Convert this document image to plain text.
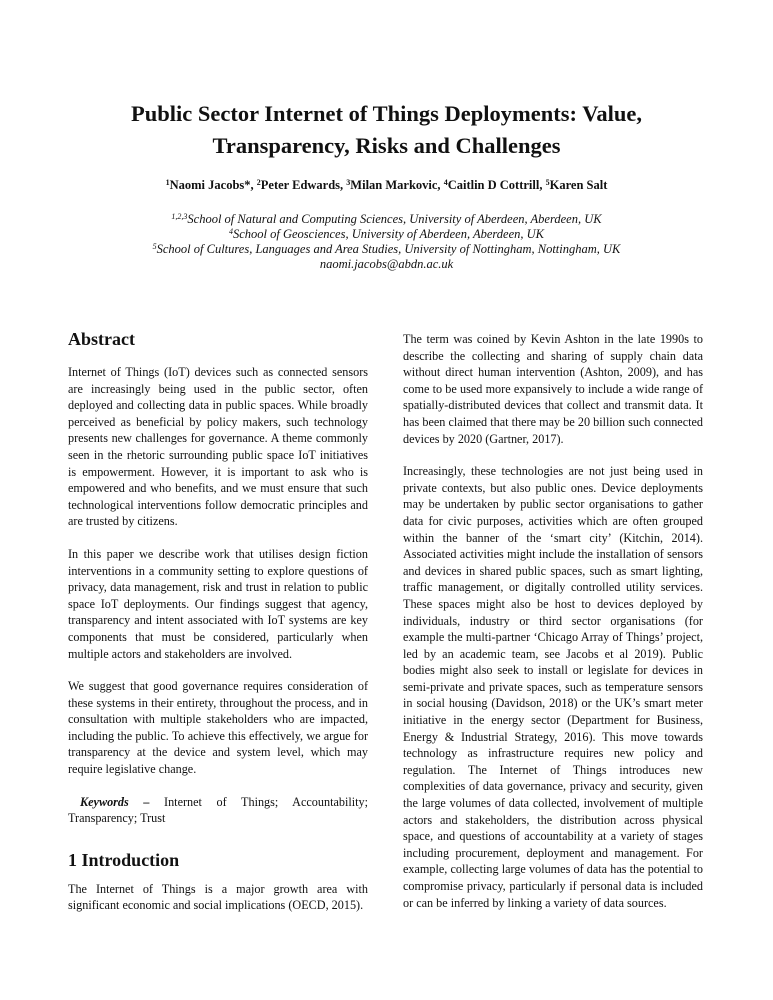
Public Sector Internet of Things Deployments: Value,
Transparency, Risks and Challenges
$^1$Naomi Jacobs*, $^2$Peter Edwards, $^3$Milan Markovic, $^4$Caitlin D Cottrill, $^5$Karen Salt
$^{1,2,3}$School of Natural and Computing Sciences, University of Aberdeen, Aberdeen, UK
$^4$School of Geosciences, University of Aberdeen, Aberdeen, UK
$^5$School of Cultures, Languages and Area Studies, University of Nottingham, Nottingham, UK
naomi.jacobs@abdn.ac.uk
Abstract

Internet of Things (IoT) devices such as connected sensors are increasingly being used in the public sector, often deployed and collecting data in public spaces. While broadly perceived as beneficial by policy makers, such technology presents new challenges for governance. A theme commonly seen in the rhetoric surrounding public space IoT initiatives is empowerment. However, it is important to ask who is empowered and who benefits, and we must ensure that such technological interventions follow democratic principles and are trusted by citizens.

In this paper we describe work that utilises design fiction interventions in a community setting to explore questions of privacy, data management, risk and trust in relation to public space IoT deployments. Our findings suggest that agency, transparency and intent associated with IoT systems are key components that must be considered, particularly when multiple actors and stakeholders are involved.

We suggest that good governance requires consideration of these systems in their entirety, throughout the process, and in consultation with multiple stakeholders who are impacted, including the public. To achieve this effectively, we argue for transparency at the device and system level, which may require legislative change.

Keywords – Internet of Things; Accountability; Transparency; Trust

1 Introduction

The Internet of Things is a major growth area with significant economic and social implications (OECD, 2015).

The term was coined by Kevin Ashton in the late 1990s to describe the collecting and sharing of supply chain data without direct human intervention (Ashton, 2009), and has come to be used more expansively to include a wide range of spatially-distributed devices that collect and transmit data. It has been claimed that there may be 20 billion such connected devices by 2020 (Gartner, 2017).

Increasingly, these technologies are not just being used in private contexts, but also public ones. Device deployments may be undertaken by public sector organisations to gather data for civic purposes, activities which are often grouped within the banner of the ‘smart city’ (Kitchin, 2014). Associated activities might include the installation of sensors and devices in shared public spaces, such as smart lighting, traffic management, or digitally controlled utility services. These spaces might also be host to devices deployed by individuals, industry or third sector organisations (for example the multi-partner ‘Chicago Array of Things’ project, led by an academic team, see Jacobs et al 2019). Public bodies might also seek to install or legislate for devices in semi-private and private spaces, such as temperature sensors in social housing (Davidson, 2018) or the UK’s smart meter initiative in the energy sector (Department for Business, Energy & Industrial Strategy, 2016). This move towards technology as infrastructure requires new policy and regulation. The Internet of Things introduces new complexities of data governance, privacy and security, given the large volumes of data collected, involvement of multiple actors and stakeholders, the distribution across physical space, and questions of accountability at a variety of stages including procurement, deployment and management. For example, collecting large volumes of data has the potential to compromise privacy, particularly if personal data is included or can be inferred by linking a variety of data sources.
